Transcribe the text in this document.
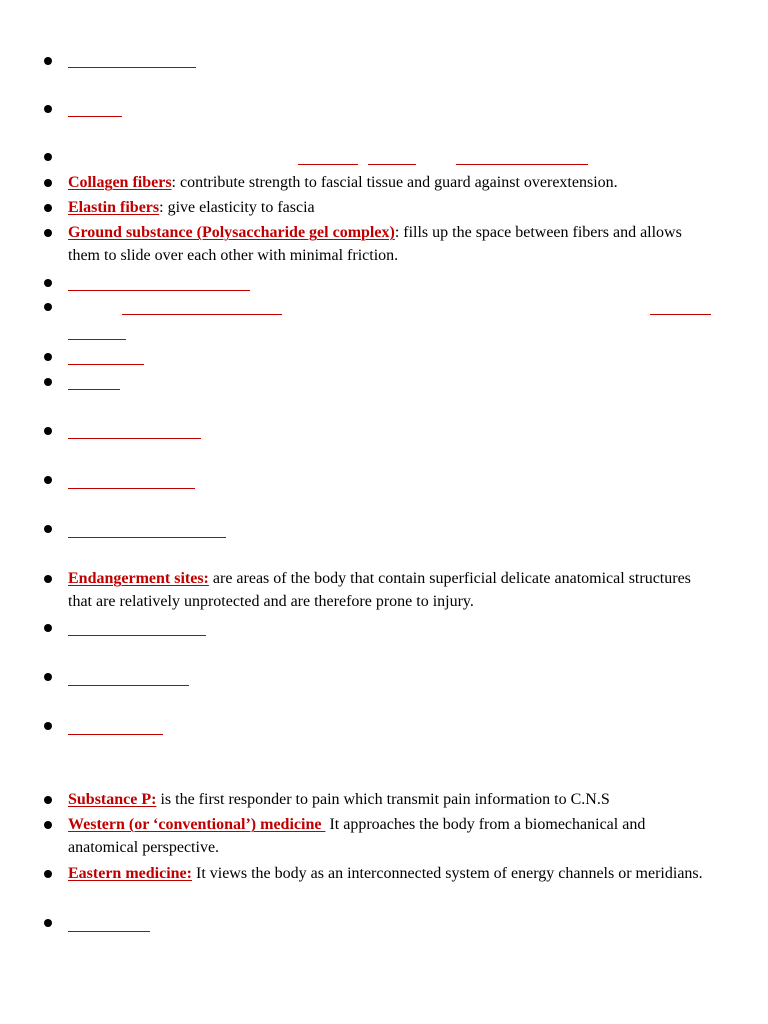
Collagen fibers: contribute strength to fascial tissue and guard against overextension.
Elastin fibers: give elasticity to fascia
Ground substance (Polysaccharide gel complex): fills up the space between fibers and allows them to slide over each other with minimal friction.
Endangerment sites: are areas of the body that contain superficial delicate anatomical structures that are relatively unprotected and are therefore prone to injury.
Substance P: is the first responder to pain which transmit pain information to C.N.S
Western (or ‘conventional’) medicine  It approaches the body from a biomechanical and anatomical perspective.
Eastern medicine: It views the body as an interconnected system of energy channels or meridians.
